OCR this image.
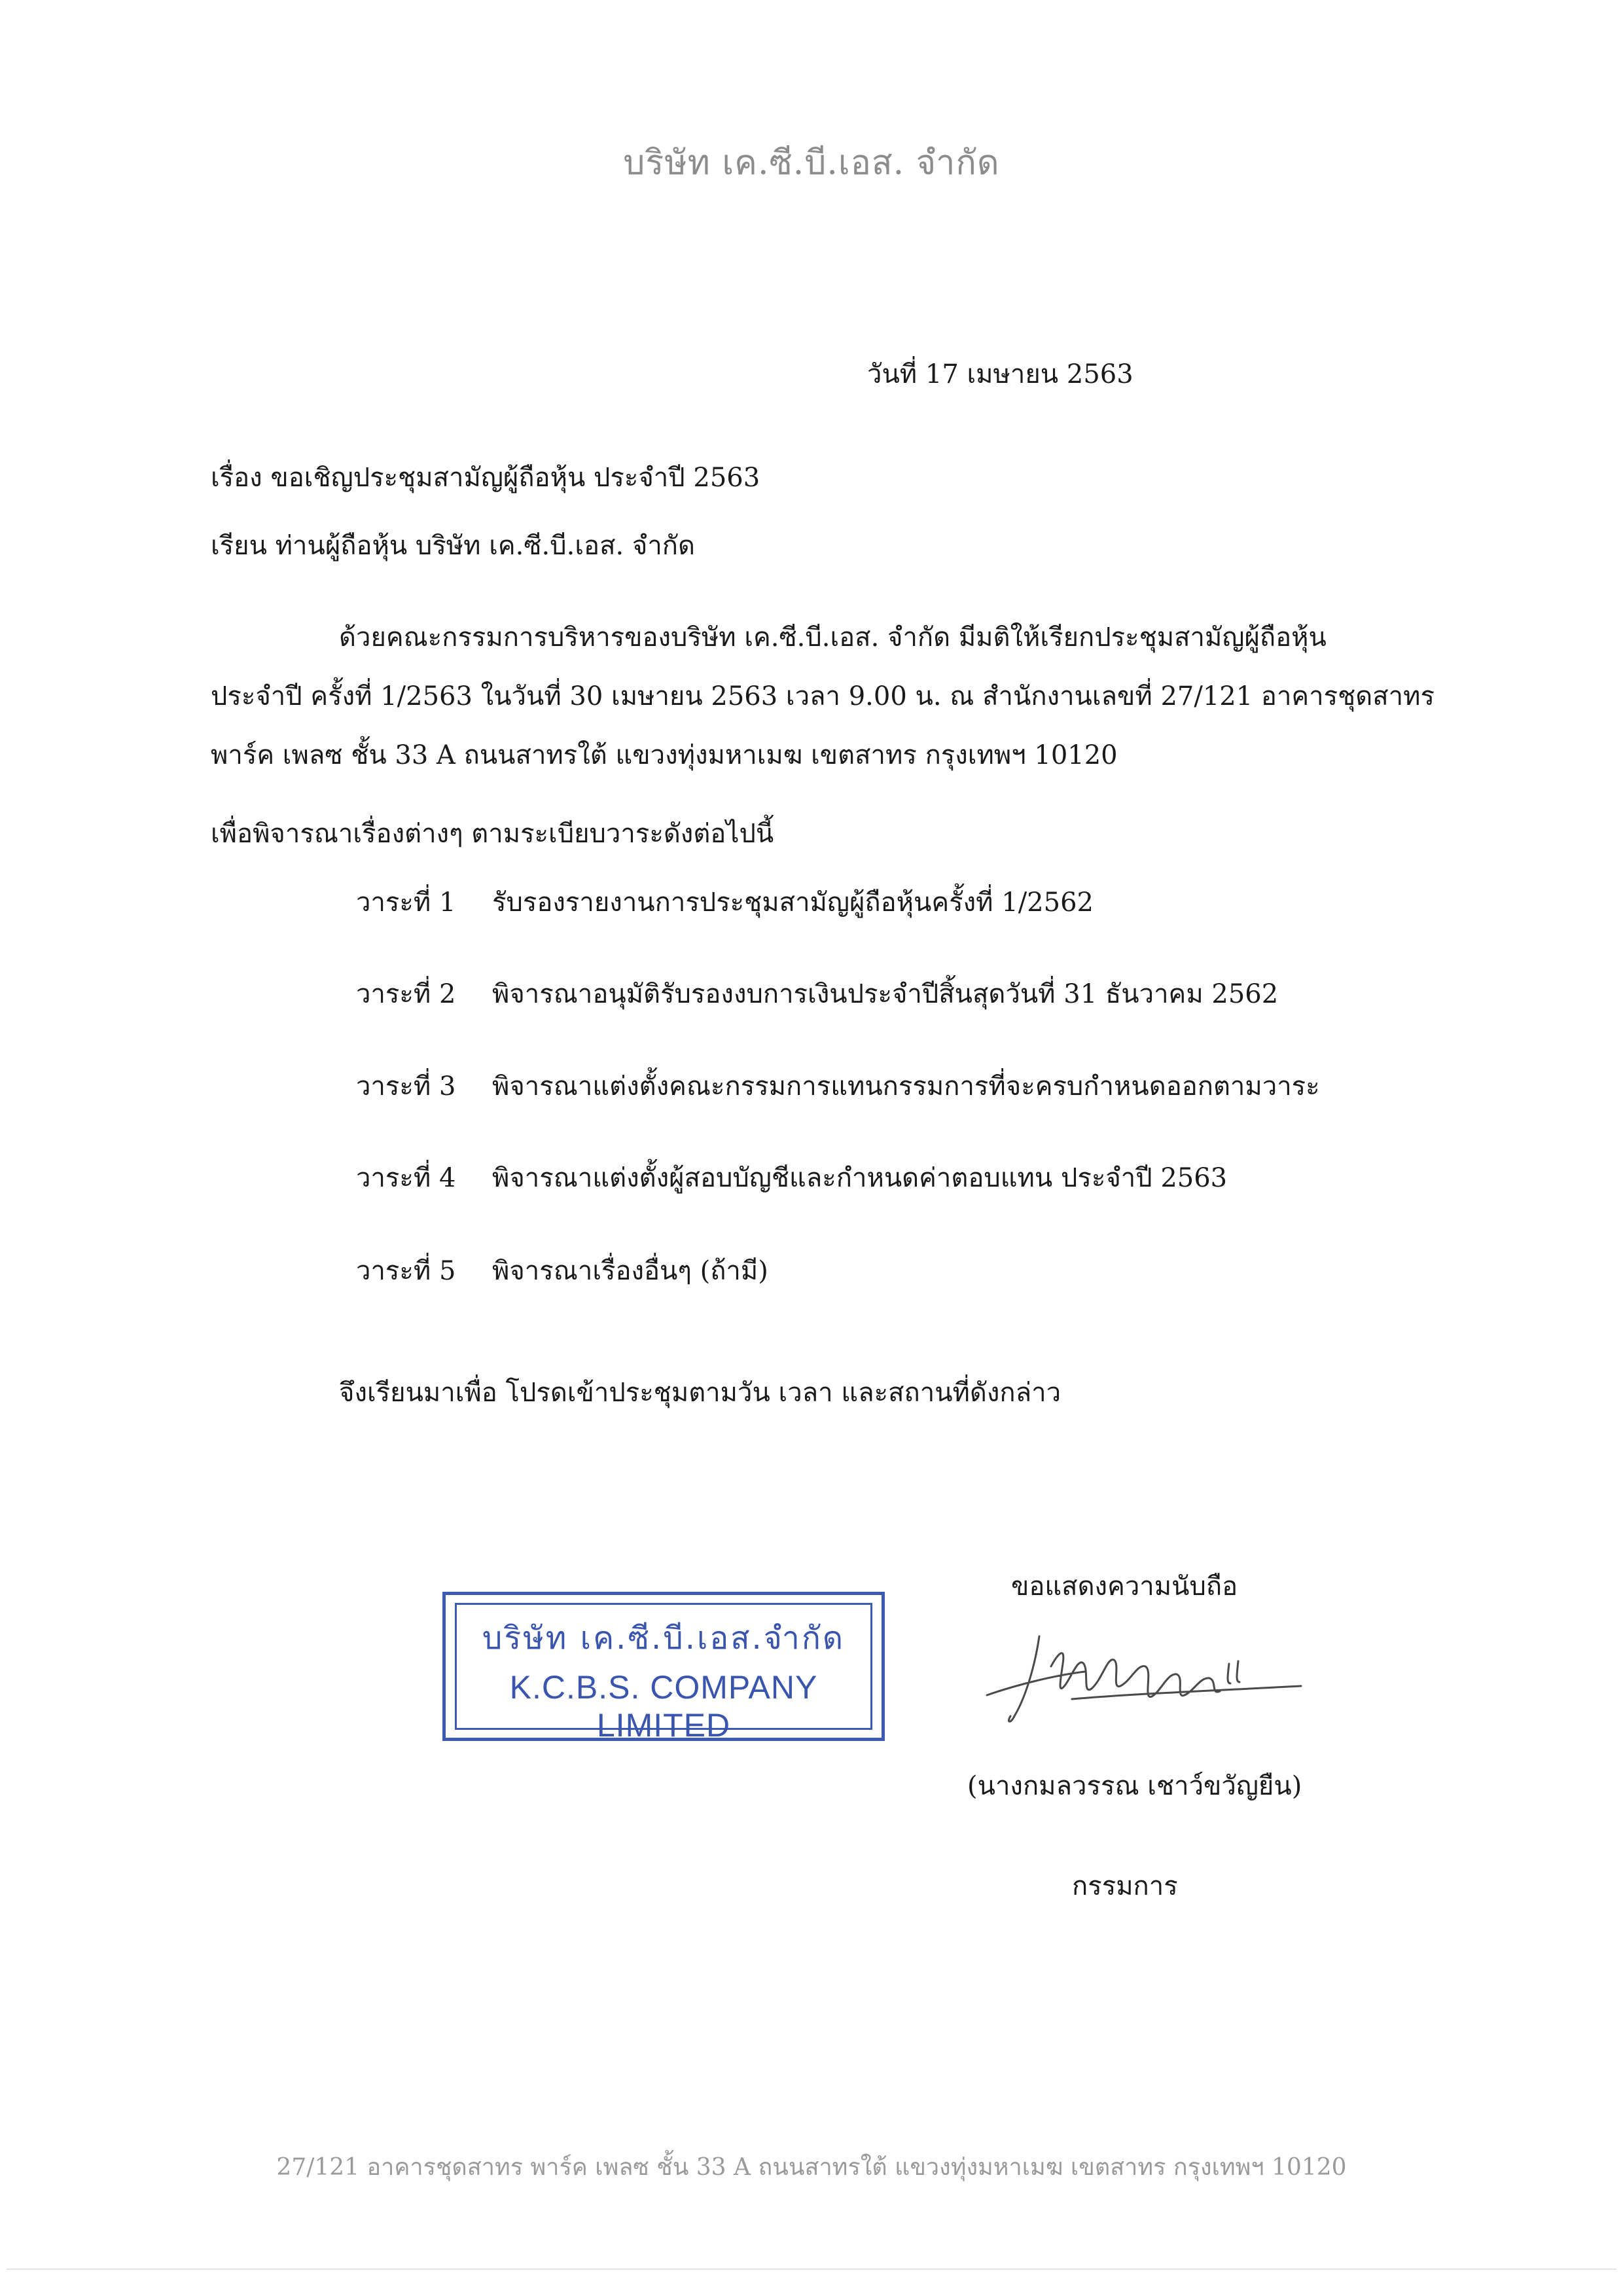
บริษัท เค.ซี.บี.เอส. จำกัด
วันที่ 17 เมษายน 2563
เรื่อง ขอเชิญประชุมสามัญผู้ถือหุ้น ประจำปี 2563
เรียน ท่านผู้ถือหุ้น บริษัท เค.ซี.บี.เอส. จำกัด
ด้วยคณะกรรมการบริหารของบริษัท เค.ซี.บี.เอส. จำกัด มีมติให้เรียกประชุมสามัญผู้ถือหุ้น
ประจำปี ครั้งที่ 1/2563 ในวันที่ 30 เมษายน 2563 เวลา 9.00 น. ณ สำนักงานเลขที่ 27/121 อาคารชุดสาทร
พาร์ค เพลซ ชั้น 33 A ถนนสาทรใต้ แขวงทุ่งมหาเมฆ เขตสาทร กรุงเทพฯ 10120
เพื่อพิจารณาเรื่องต่างๆ ตามระเบียบวาระดังต่อไปนี้
วาระที่ 1 รับรองรายงานการประชุมสามัญผู้ถือหุ้นครั้งที่ 1/2562
วาระที่ 2 พิจารณาอนุมัติรับรองงบการเงินประจำปีสิ้นสุดวันที่ 31 ธันวาคม 2562
วาระที่ 3 พิจารณาแต่งตั้งคณะกรรมการแทนกรรมการที่จะครบกำหนดออกตามวาระ
วาระที่ 4 พิจารณาแต่งตั้งผู้สอบบัญชีและกำหนดค่าตอบแทน ประจำปี 2563
วาระที่ 5 พิจารณาเรื่องอื่นๆ (ถ้ามี)
จึงเรียนมาเพื่อ โปรดเข้าประชุมตามวัน เวลา และสถานที่ดังกล่าว
ขอแสดงความนับถือ
บริษัท เค.ซี.บี.เอส.จำกัด
K.C.B.S. COMPANY LIMITED
(นางกมลวรรณ เชาว์ขวัญยืน)
กรรมการ
27/121 อาคารชุดสาทร พาร์ค เพลซ ชั้น 33 A ถนนสาทรใต้ แขวงทุ่งมหาเมฆ เขตสาทร กรุงเทพฯ 10120
